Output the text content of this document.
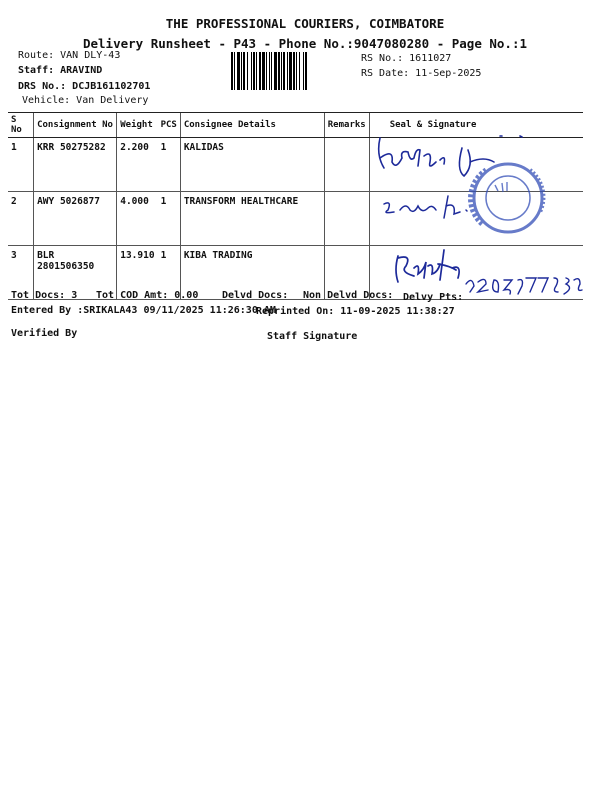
THE PROFESSIONAL COURIERS, COIMBATORE
Delivery Runsheet - P43 - Phone No.:9047080280 - Page No.:1
Route: VAN DLY-43
Staff: ARAVIND
DRS No.: DCJB161102701
Vehicle: Van Delivery
RS No.: 1611027
RS Date: 11-Sep-2025
S No	Consignment No	Weight	PCS	Consignee Details	Remarks	Seal & Signature
1	KRR 50275282	2.200	1	KALIDAS		
2	AWY 5026877	4.000	1	TRANSFORM HEALTHCARE		
3	BLR 2801506350	13.910	1	KIBA TRADING		
Tot Docs: 3 Tot COD Amt: 0.00 Delvd Docs: Non Delvd Docs: Delvy Pts:
Entered By :SRIKALA43 09/11/2025 11:26:30 AM
Reprinted On: 11-09-2025 11:38:27
Verified By	Staff Signature
